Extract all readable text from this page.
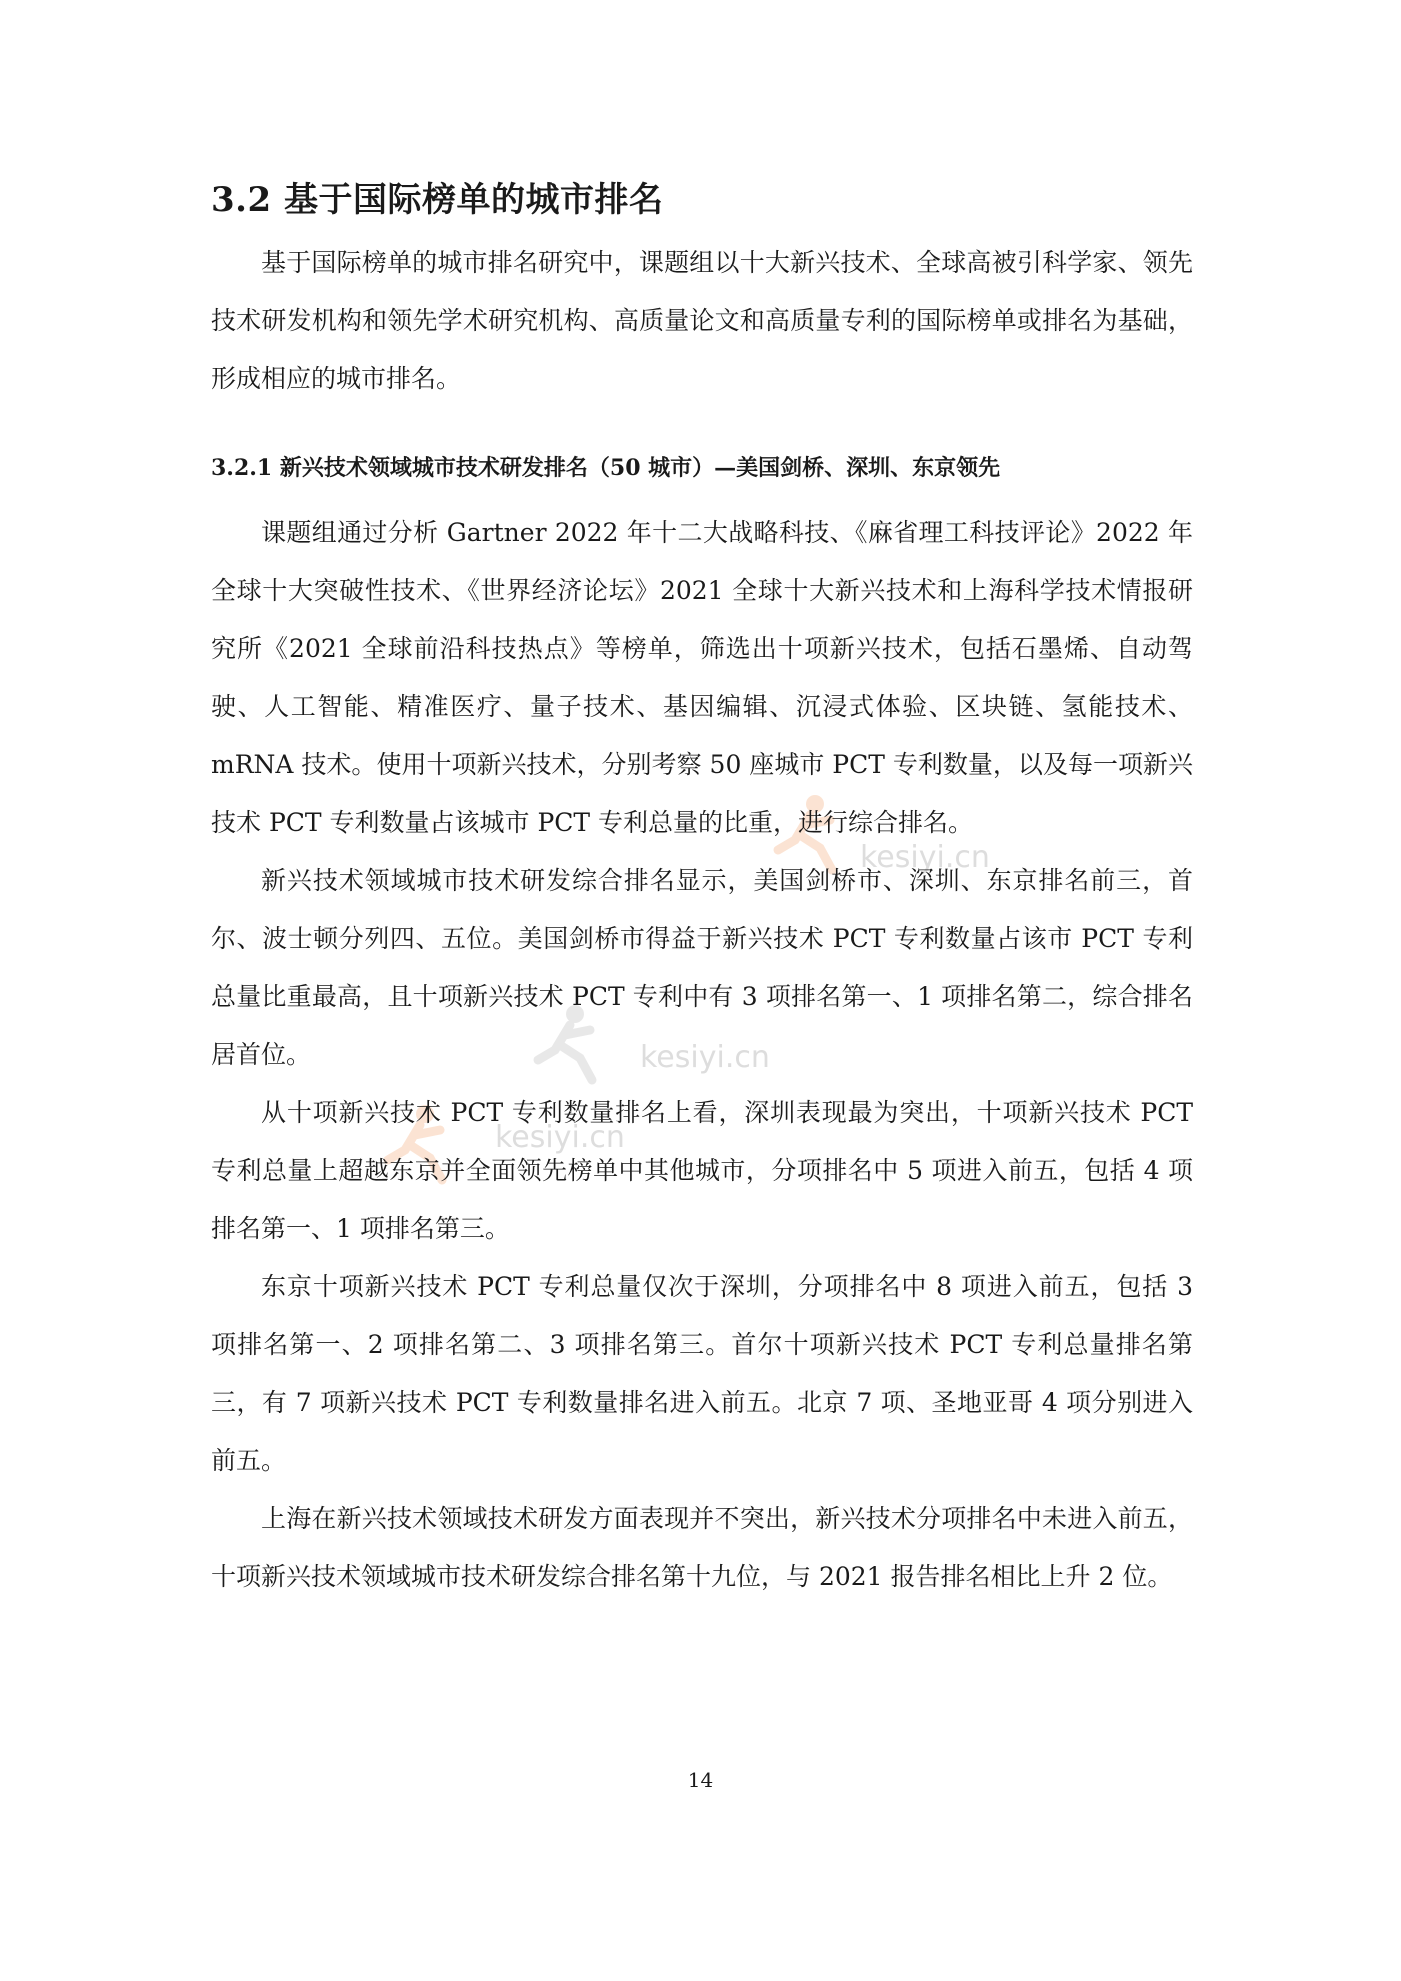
kesiyi.cn
kesiyi.cn
kesiyi.cn
3.2 基于国际榜单的城市排名

基于国际榜单的城市排名研究中，课题组以十大新兴技术、全球高被引科学家、领先技术研发机构和领先学术研究机构、高质量论文和高质量专利的国际榜单或排名为基础，形成相应的城市排名。

3.2.1 新兴技术领域城市技术研发排名（50 城市）—美国剑桥、深圳、东京领先

课题组通过分析 Gartner 2022 年十二大战略科技、《麻省理工科技评论》2022 年全球十大突破性技术、《世界经济论坛》2021 全球十大新兴技术和上海科学技术情报研究所《2021 全球前沿科技热点》等榜单，筛选出十项新兴技术，包括石墨烯、自动驾驶、人工智能、精准医疗、量子技术、基因编辑、沉浸式体验、区块链、氢能技术、mRNA 技术。使用十项新兴技术，分别考察 50 座城市 PCT 专利数量，以及每一项新兴技术 PCT 专利数量占该城市 PCT 专利总量的比重，进行综合排名。

新兴技术领域城市技术研发综合排名显示，美国剑桥市、深圳、东京排名前三，首尔、波士顿分列四、五位。美国剑桥市得益于新兴技术 PCT 专利数量占该市 PCT 专利总量比重最高，且十项新兴技术 PCT 专利中有 3 项排名第一、1 项排名第二，综合排名居首位。

从十项新兴技术 PCT 专利数量排名上看，深圳表现最为突出，十项新兴技术 PCT 专利总量上超越东京并全面领先榜单中其他城市，分项排名中 5 项进入前五，包括 4 项排名第一、1 项排名第三。

东京十项新兴技术 PCT 专利总量仅次于深圳，分项排名中 8 项进入前五，包括 3 项排名第一、2 项排名第二、3 项排名第三。首尔十项新兴技术 PCT 专利总量排名第三，有 7 项新兴技术 PCT 专利数量排名进入前五。北京 7 项、圣地亚哥 4 项分别进入前五。

上海在新兴技术领域技术研发方面表现并不突出，新兴技术分项排名中未进入前五，十项新兴技术领域城市技术研发综合排名第十九位，与 2021 报告排名相比上升 2 位。

14
